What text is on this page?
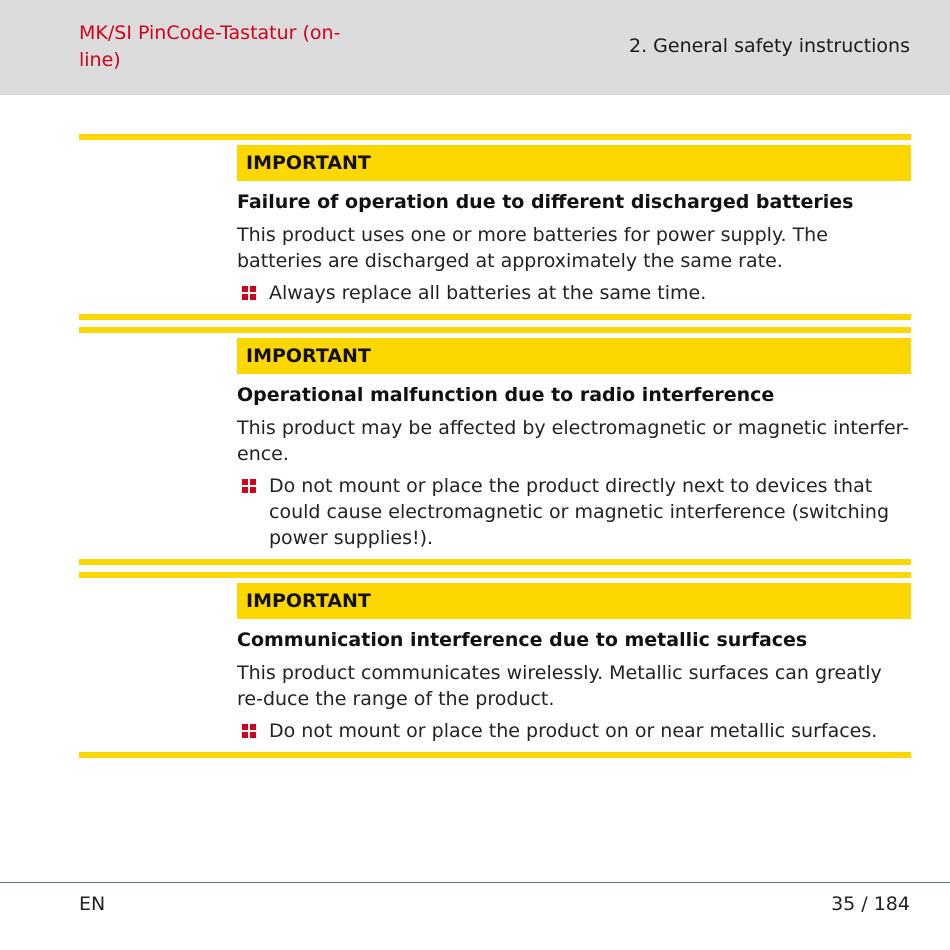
MK/SI PinCode-Tastatur (on-line)
2. General safety instructions
IMPORTANT
Failure of operation due to different discharged batteries
This product uses one or more batteries for power supply. The batteries are discharged at approximately the same rate.
Always replace all batteries at the same time.
IMPORTANT
Operational malfunction due to radio interference
This product may be affected by electromagnetic or magnetic interfer-ence.
Do not mount or place the product directly next to devices that could cause electromagnetic or magnetic interference (switching power supplies!).
IMPORTANT
Communication interference due to metallic surfaces
This product communicates wirelessly. Metallic surfaces can greatly re-duce the range of the product.
Do not mount or place the product on or near metallic surfaces.
EN	35 / 184
